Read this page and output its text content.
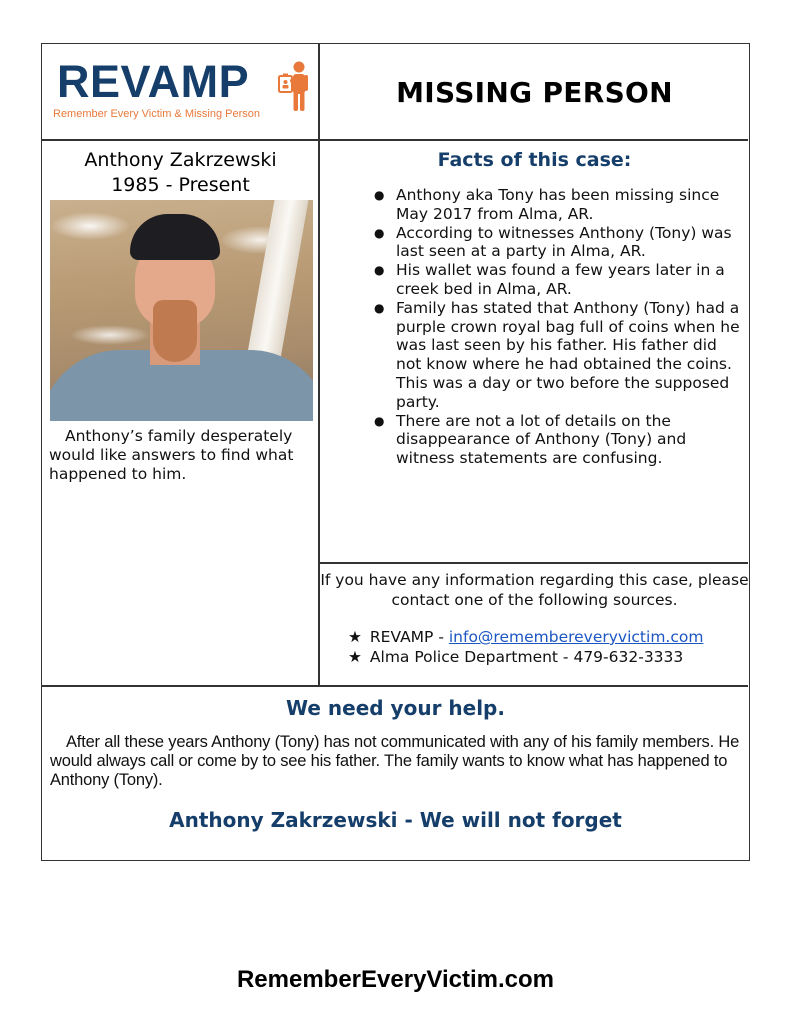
REVAMP
Remember Every Victim & Missing Person
MISSING PERSON
Anthony Zakrzewski
1985 - Present
Anthony’s family desperately would like answers to find what happened to him.
Facts of this case:
● Anthony aka Tony has been missing since May 2017 from Alma, AR.
● According to witnesses Anthony (Tony) was last seen at a party in Alma, AR.
● His wallet was found a few years later in a creek bed in Alma, AR.
● Family has stated that Anthony (Tony) had a purple crown royal bag full of coins when he was last seen by his father. His father did not know where he had obtained the coins. This was a day or two before the supposed party.
● There are not a lot of details on the disappearance of Anthony (Tony) and witness statements are confusing.
If you have any information regarding this case, please contact one of the following sources.
★ REVAMP - info@remembereveryvictim.com
★ Alma Police Department - 479-632-3333
We need your help.
After all these years Anthony (Tony) has not communicated with any of his family members. He would always call or come by to see his father. The family wants to know what has happened to Anthony (Tony).
Anthony Zakrzewski - We will not forget
RememberEveryVictim.com
